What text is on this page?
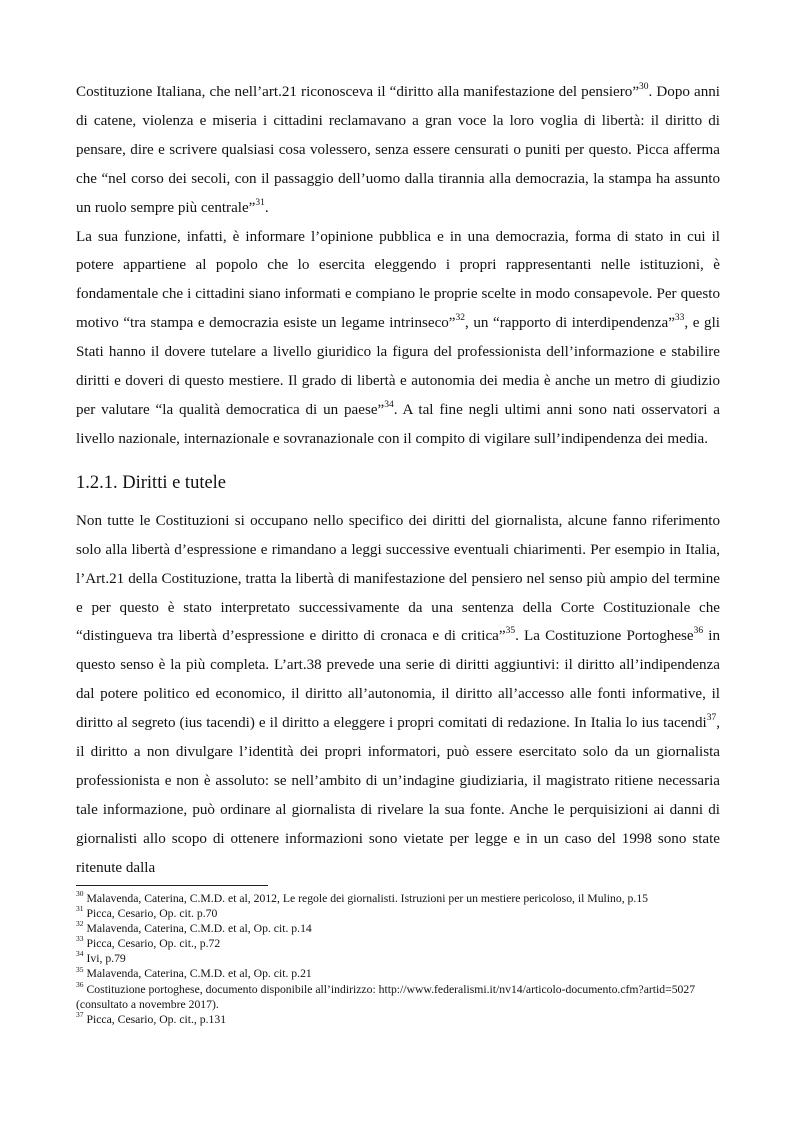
Costituzione Italiana, che nell’art.21 riconosceva il “diritto alla manifestazione del pensiero”$^{30}$. Dopo anni di catene, violenza e miseria i cittadini reclamavano a gran voce la loro voglia di libertà: il diritto di pensare, dire e scrivere qualsiasi cosa volessero, senza essere censurati o puniti per questo. Picca afferma che “nel corso dei secoli, con il passaggio dell’uomo dalla tirannia alla democrazia, la stampa ha assunto un ruolo sempre più centrale”$^{31}$.

La sua funzione, infatti, è informare l’opinione pubblica e in una democrazia, forma di stato in cui il potere appartiene al popolo che lo esercita eleggendo i propri rappresentanti nelle istituzioni, è fondamentale che i cittadini siano informati e compiano le proprie scelte in modo consapevole. Per questo motivo “tra stampa e democrazia esiste un legame intrinseco”$^{32}$, un “rapporto di interdipendenza”$^{33}$, e gli Stati hanno il dovere tutelare a livello giuridico la figura del professionista dell’informazione e stabilire diritti e doveri di questo mestiere. Il grado di libertà e autonomia dei media è anche un metro di giudizio per valutare “la qualità democratica di un paese”$^{34}$. A tal fine negli ultimi anni sono nati osservatori a livello nazionale, internazionale e sovranazionale con il compito di vigilare sull’indipendenza dei media.

1.2.1. Diritti e tutele

Non tutte le Costituzioni si occupano nello specifico dei diritti del giornalista, alcune fanno riferimento solo alla libertà d’espressione e rimandano a leggi successive eventuali chiarimenti. Per esempio in Italia, l’Art.21 della Costituzione, tratta la libertà di manifestazione del pensiero nel senso più ampio del termine e per questo è stato interpretato successivamente da una sentenza della Corte Costituzionale che “distingueva tra libertà d’espressione e diritto di cronaca e di critica”$^{35}$. La Costituzione Portoghese$^{36}$ in questo senso è la più completa. L’art.38 prevede una serie di diritti aggiuntivi: il diritto all’indipendenza dal potere politico ed economico, il diritto all’autonomia, il diritto all’accesso alle fonti informative, il diritto al segreto (ius tacendi) e il diritto a eleggere i propri comitati di redazione. In Italia lo ius tacendi$^{37}$, il diritto a non divulgare l’identità dei propri informatori, può essere esercitato solo da un giornalista professionista e non è assoluto: se nell’ambito di un’indagine giudiziaria, il magistrato ritiene necessaria tale informazione, può ordinare al giornalista di rivelare la sua fonte. Anche le perquisizioni ai danni di giornalisti allo scopo di ottenere informazioni sono vietate per legge e in un caso del 1998 sono state ritenute dalla

$^{30}$ Malavenda, Caterina, C.M.D. et al, 2012, Le regole dei giornalisti. Istruzioni per un mestiere pericoloso, il Mulino, p.15

$^{31}$ Picca, Cesario, Op. cit. p.70

$^{32}$ Malavenda, Caterina, C.M.D. et al, Op. cit. p.14

$^{33}$ Picca, Cesario, Op. cit., p.72

$^{34}$ Ivi, p.79

$^{35}$ Malavenda, Caterina, C.M.D. et al, Op. cit. p.21

$^{36}$ Costituzione portoghese, documento disponibile all’indirizzo: http://www.federalismi.it/nv14/articolo-documento.cfm?artid=5027 (consultato a novembre 2017).

$^{37}$ Picca, Cesario, Op. cit., p.131
